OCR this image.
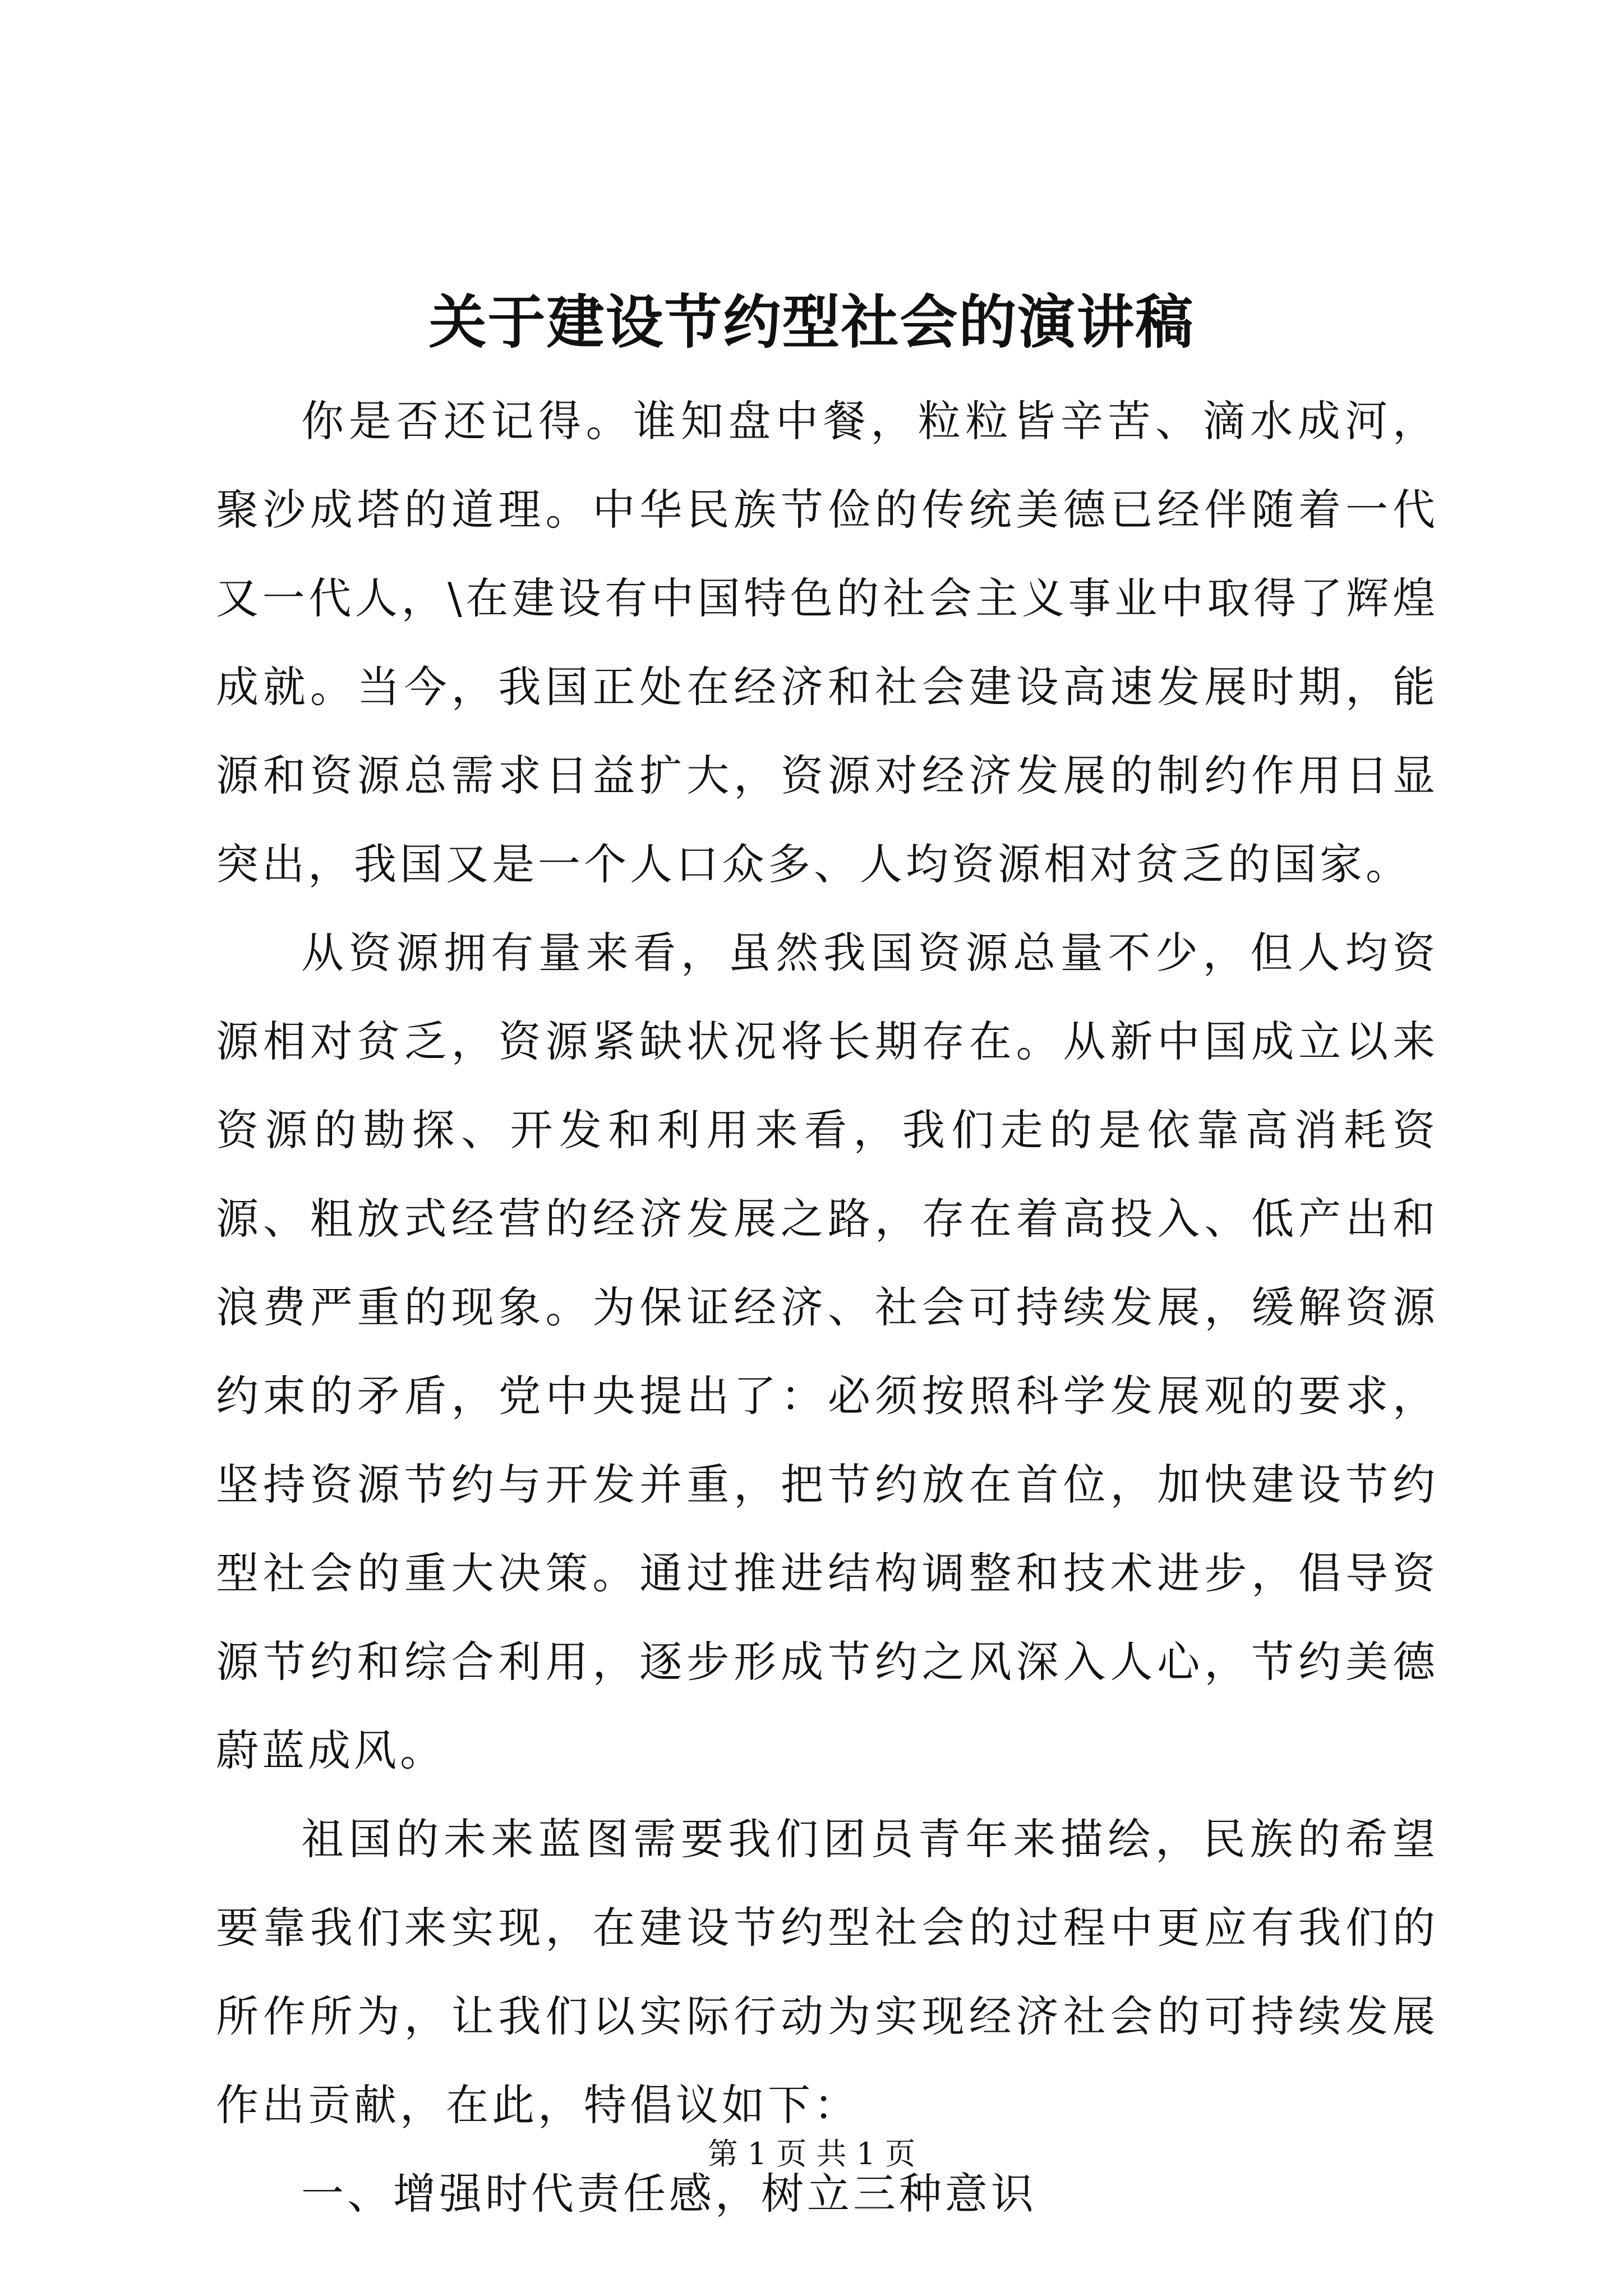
关于建设节约型社会的演讲稿

你是否还记得。谁知盘中餐，粒粒皆辛苦、滴水成河，聚沙成塔的道理。中华民族节俭的传统美德已经伴随着一代又一代人，\在建设有中国特色的社会主义事业中取得了辉煌成就。当今，我国正处在经济和社会建设高速发展时期，能源和资源总需求日益扩大，资源对经济发展的制约作用日显突出，我国又是一个人口众多、人均资源相对贫乏的国家。

从资源拥有量来看，虽然我国资源总量不少，但人均资源相对贫乏，资源紧缺状况将长期存在。从新中国成立以来资源的勘探、开发和利用来看，我们走的是依靠高消耗资源、粗放式经营的经济发展之路，存在着高投入、低产出和浪费严重的现象。为保证经济、社会可持续发展，缓解资源约束的矛盾，党中央提出了：必须按照科学发展观的要求，坚持资源节约与开发并重，把节约放在首位，加快建设节约型社会的重大决策。通过推进结构调整和技术进步，倡导资源节约和综合利用，逐步形成节约之风深入人心，节约美德蔚蓝成风。

祖国的未来蓝图需要我们团员青年来描绘，民族的希望要靠我们来实现，在建设节约型社会的过程中更应有我们的所作所为，让我们以实际行动为实现经济社会的可持续发展作出贡献，在此，特倡议如下：

一、增强时代责任感，树立三种意识

第 1 页 共 1 页
